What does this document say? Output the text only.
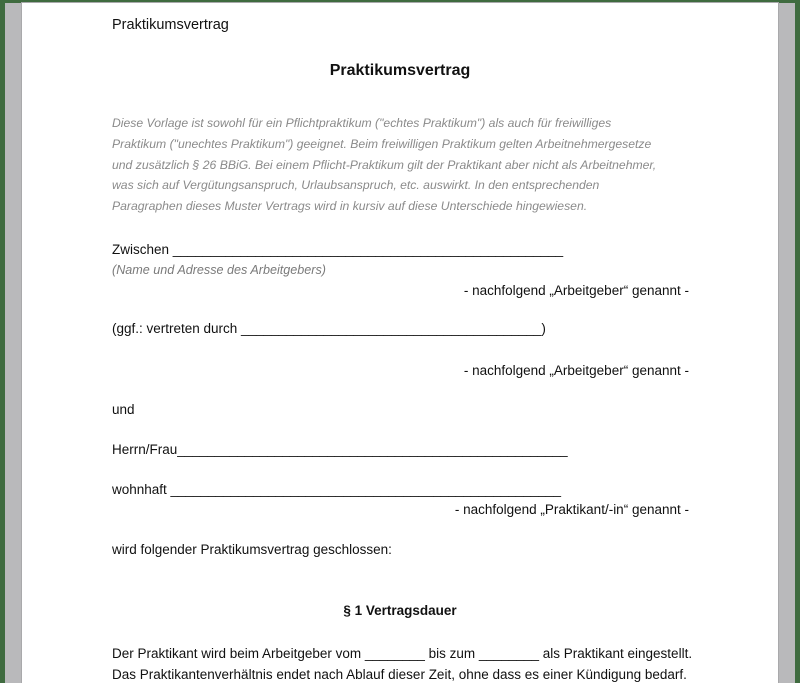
Praktikumsvertrag
Praktikumsvertrag
Diese Vorlage ist sowohl für ein Pflichtpraktikum ("echtes Praktikum") als auch für freiwilliges
Praktikum ("unechtes Praktikum") geeignet. Beim freiwilligen Praktikum gelten Arbeitnehmergesetze
und zusätzlich § 26 BBiG. Bei einem Pflicht-Praktikum gilt der Praktikant aber nicht als Arbeitnehmer,
was sich auf Vergütungsanspruch, Urlaubsanspruch, etc. auswirkt. In den entsprechenden
Paragraphen dieses Muster Vertrags wird in kursiv auf diese Unterschiede hingewiesen.
Zwischen ____________________________________________________
(Name und Adresse des Arbeitgebers)
- nachfolgend „Arbeitgeber“ genannt -
(ggf.: vertreten durch ________________________________________)
- nachfolgend „Arbeitgeber“ genannt -
und
Herrn/Frau____________________________________________________
wohnhaft ____________________________________________________
- nachfolgend „Praktikant/-in“ genannt -
wird folgender Praktikumsvertrag geschlossen:
§ 1 Vertragsdauer
Der Praktikant wird beim Arbeitgeber vom ________ bis zum ________ als Praktikant eingestellt.
Das Praktikantenverhältnis endet nach Ablauf dieser Zeit, ohne dass es einer Kündigung bedarf.
